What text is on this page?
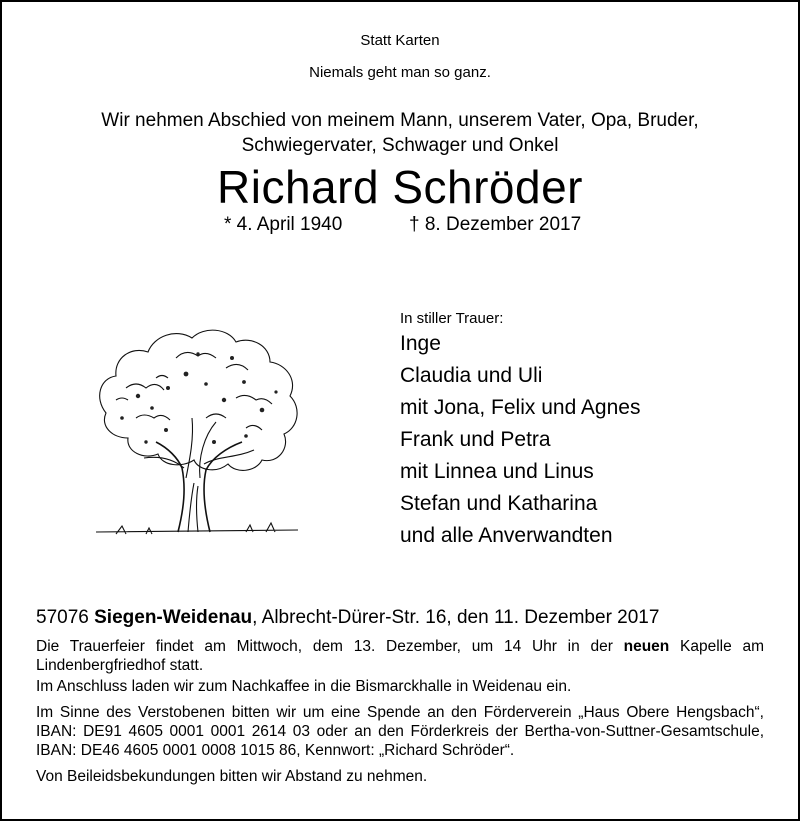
Statt Karten
Niemals geht man so ganz.
Wir nehmen Abschied von meinem Mann, unserem Vater, Opa, Bruder,
Schwiegervater, Schwager und Onkel
Richard Schröder
* 4. April 1940	† 8. Dezember 2017
In stiller Trauer:
Inge
Claudia und Uli
mit Jona, Felix und Agnes
Frank und Petra
mit Linnea und Linus
Stefan und Katharina
und alle Anverwandten
57076 Siegen-Weidenau, Albrecht-Dürer-Str. 16, den 11. Dezember 2017
Die Trauerfeier findet am Mittwoch, dem 13. Dezember, um 14 Uhr in der neuen Kapelle am Lindenbergfriedhof statt.
Im Anschluss laden wir zum Nachkaffee in die Bismarckhalle in Weidenau ein.
Im Sinne des Verstobenen bitten wir um eine Spende an den Förderverein „Haus Obere Hengsbach“, IBAN: DE91 4605 0001 0001 2614 03 oder an den Förderkreis der Bertha-von-Suttner-Gesamtschule, IBAN: DE46 4605 0001 0008 1015 86, Kennwort: „Richard Schröder“.
Von Beileidsbekundungen bitten wir Abstand zu nehmen.
